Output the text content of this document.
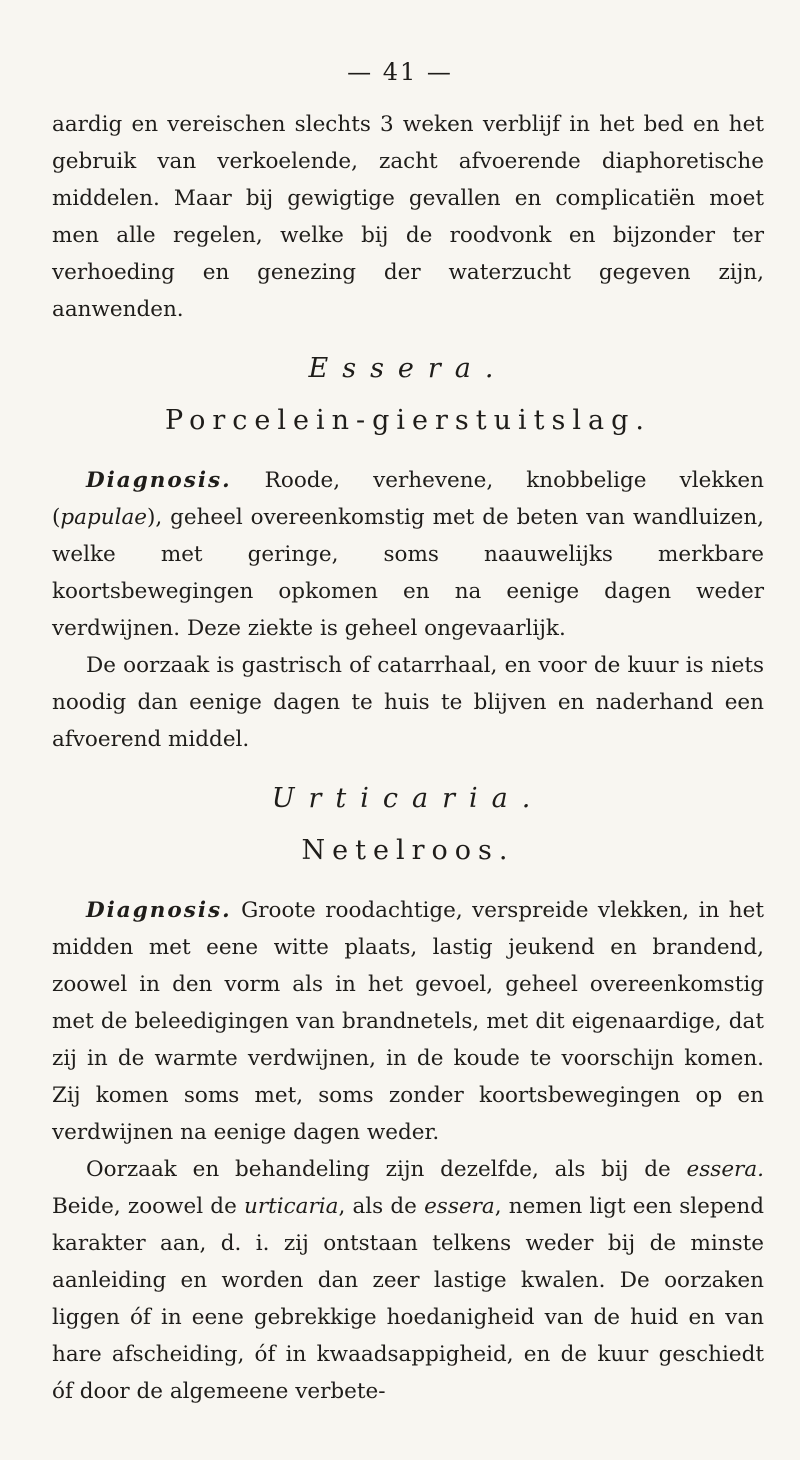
— 41 —

aardig en vereischen slechts 3 weken verblijf in het bed en het gebruik van verkoelende, zacht afvoerende diaphoretische middelen. Maar bij gewigtige gevallen en complicatiën moet men alle regelen, welke bij de roodvonk en bijzonder ter verhoeding en genezing der waterzucht gegeven zijn, aanwenden.

Essera.
Porcelein-gierstuitslag.

Diagnosis. Roode, verhevene, knobbelige vlekken (papulae), geheel overeenkomstig met de beten van wandluizen, welke met geringe, soms naauwelijks merkbare koortsbewegingen opkomen en na eenige dagen weder verdwijnen. Deze ziekte is geheel ongevaarlijk.

De oorzaak is gastrisch of catarrhaal, en voor de kuur is niets noodig dan eenige dagen te huis te blijven en naderhand een afvoerend middel.

Urticaria.
Netelroos.

Diagnosis. Groote roodachtige, verspreide vlekken, in het midden met eene witte plaats, lastig jeukend en brandend, zoowel in den vorm als in het gevoel, geheel overeenkomstig met de beleedigingen van brandnetels, met dit eigenaardige, dat zij in de warmte verdwijnen, in de koude te voorschijn komen. Zij komen soms met, soms zonder koortsbewegingen op en verdwijnen na eenige dagen weder.

Oorzaak en behandeling zijn dezelfde, als bij de essera. Beide, zoowel de urticaria, als de essera, nemen ligt een slepend karakter aan, d. i. zij ontstaan telkens weder bij de minste aanleiding en worden dan zeer lastige kwalen. De oorzaken liggen óf in eene gebrekkige hoedanigheid van de huid en van hare afscheiding, óf in kwaadsappigheid, en de kuur geschiedt óf door de algemeene verbete-
